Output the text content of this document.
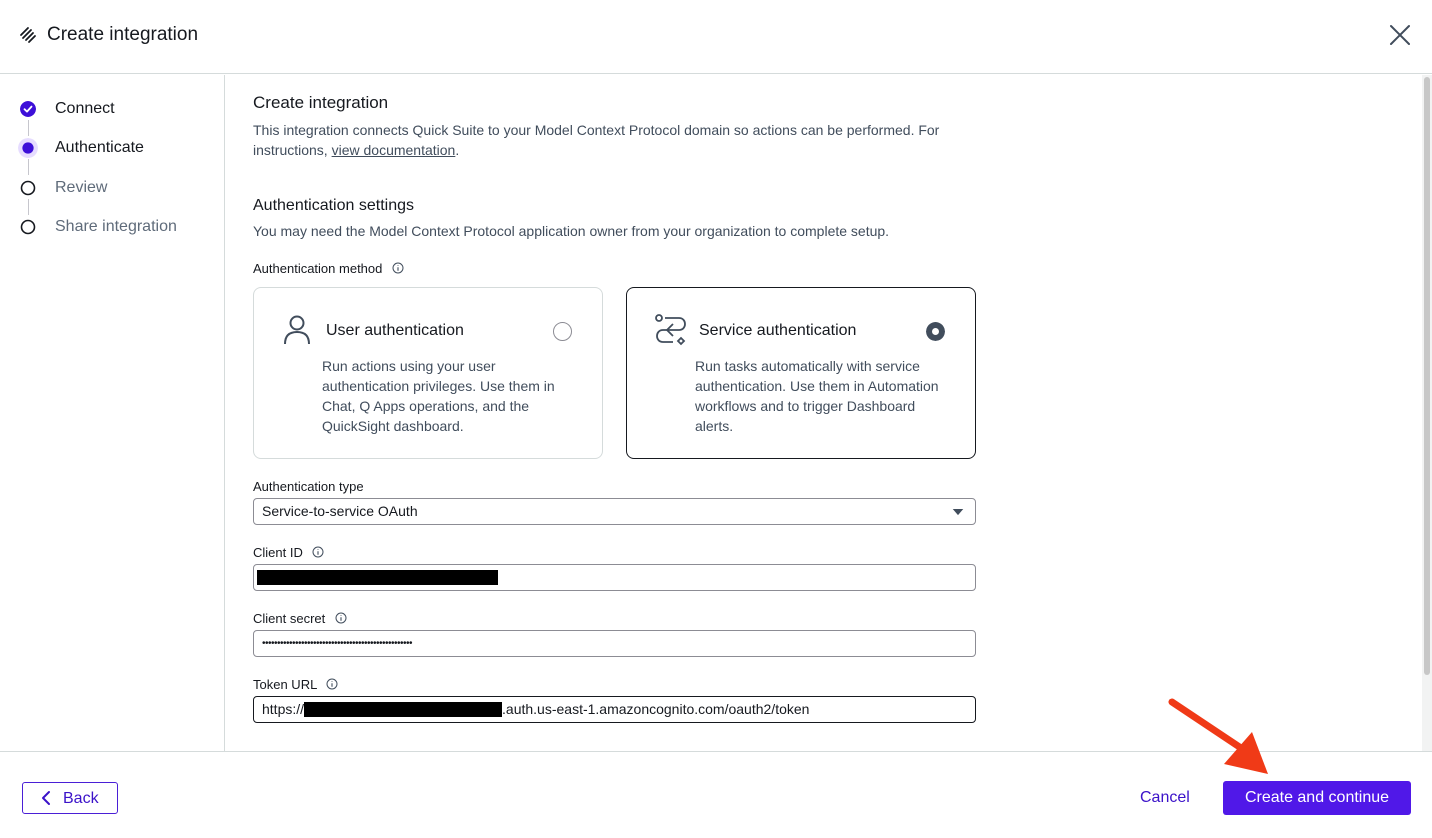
Create integration
Connect
Authenticate
Review
Share integration
Create integration
This integration connects Quick Suite to your Model Context Protocol domain so actions can be performed. For instructions, view documentation.
Authentication settings
You may need the Model Context Protocol application owner from your organization to complete setup.
Authentication method
User authentication
Run actions using your user authentication privileges. Use them in Chat, Q Apps operations, and the QuickSight dashboard.
Service authentication
Run tasks automatically with service authentication. Use them in Automation workflows and to trigger Dashboard alerts.
Authentication type
Service-to-service OAuth
Client ID
Client secret
••••••••••••••••••••••••••••••••••••••••••••••••••
Token URL
https://	.auth.us-east-1.amazoncognito.com/oauth2/token
Back	Cancel	Create and continue
